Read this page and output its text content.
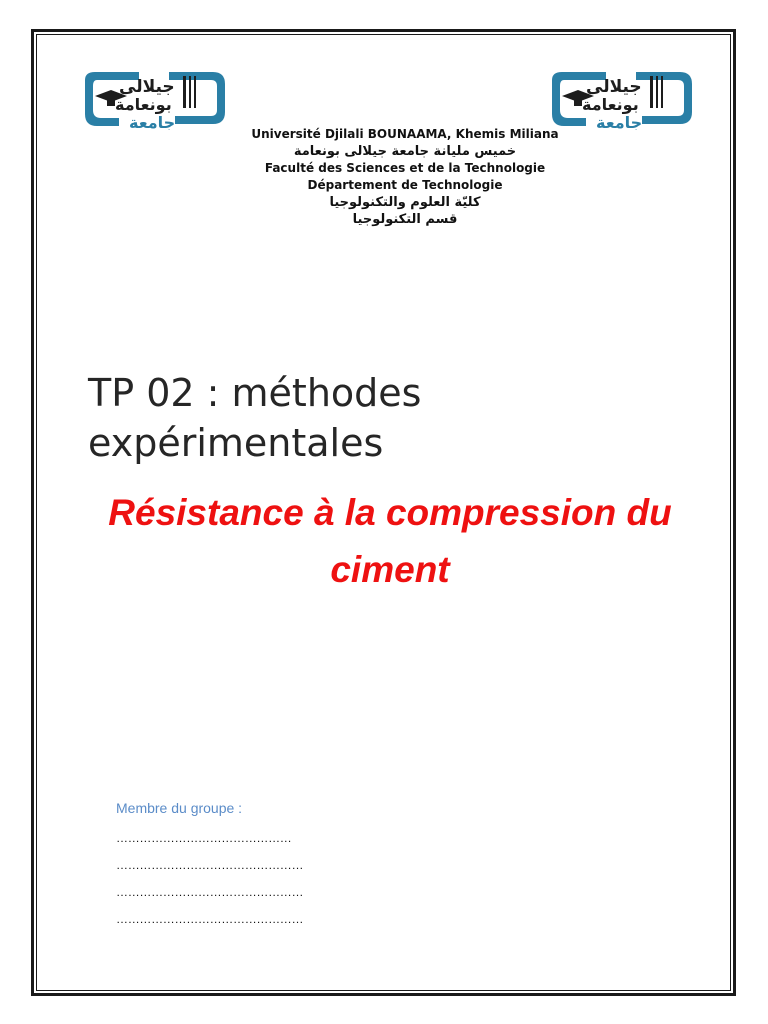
جيلالى
بونعامة
جامعة
جيلالى
بونعامة
جامعة
Université Djilali BOUNAAMA, Khemis Miliana
خميس مليانة جامعة جيلالى بونعامة
Faculté des Sciences et de la Technologie
Département de Technologie
كليّة العلوم والتكنولوجيا
قسم التكنولوجيا
TP 02 : méthodes
expérimentales
Résistance à la compression du
ciment
Membre du groupe :
………………………………………
…………………………………………
…………………………………………
…………………………………………
